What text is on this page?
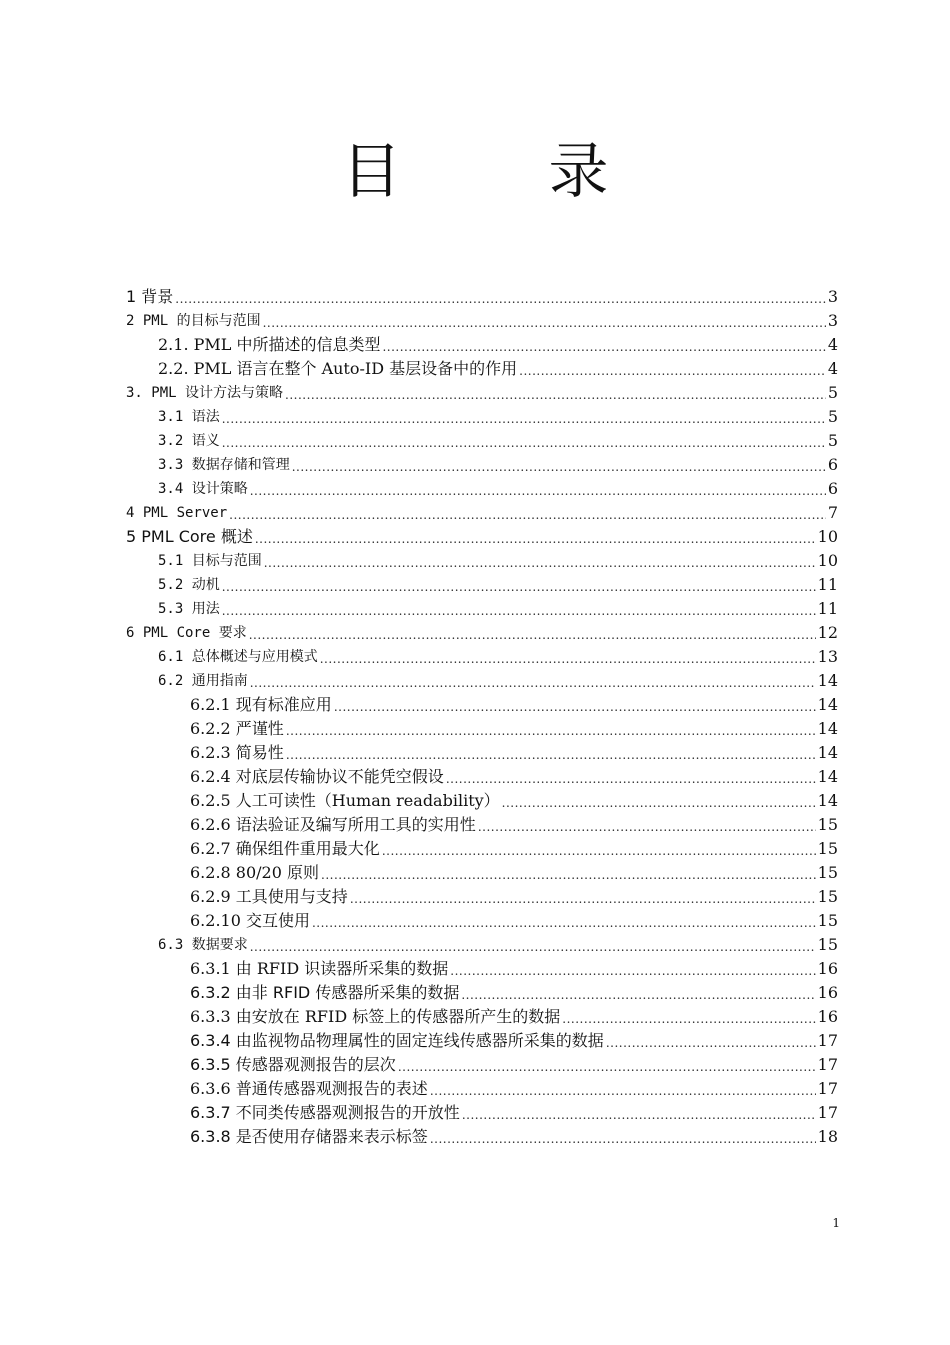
目 录
1 背景 .....	3
2 PML 的目标与范围 .....	3
2.1. PML 中所描述的信息类型 .....	4
2.2. PML 语言在整个 Auto-ID 基层设备中的作用 .....	4
3. PML 设计方法与策略 .....	5
3.1 语法 .....	5
3.2 语义 .....	5
3.3 数据存储和管理 .....	6
3.4 设计策略 .....	6
4 PML Server .....	7
5 PML Core 概述 .....	10
5.1 目标与范围 .....	10
5.2 动机 .....	11
5.3 用法 .....	11
6 PML Core 要求 .....	12
6.1 总体概述与应用模式 .....	13
6.2 通用指南 .....	14
6.2.1 现有标准应用 .....	14
6.2.2 严谨性 .....	14
6.2.3 简易性 .....	14
6.2.4 对底层传输协议不能凭空假设 .....	14
6.2.5 人工可读性（Human readability） .....	14
6.2.6 语法验证及编写所用工具的实用性 .....	15
6.2.7 确保组件重用最大化 .....	15
6.2.8 80/20 原则 .....	15
6.2.9 工具使用与支持 .....	15
6.2.10 交互使用 .....	15
6.3 数据要求 .....	15
6.3.1 由 RFID 识读器所采集的数据 .....	16
6.3.2 由非 RFID 传感器所采集的数据 .....	16
6.3.3 由安放在 RFID 标签上的传感器所产生的数据 .....	16
6.3.4 由监视物品物理属性的固定连线传感器所采集的数据 .....	17
6.3.5 传感器观测报告的层次 .....	17
6.3.6 普通传感器观测报告的表述 .....	17
6.3.7 不同类传感器观测报告的开放性 .....	17
6.3.8 是否使用存储器来表示标签 .....	18
1
